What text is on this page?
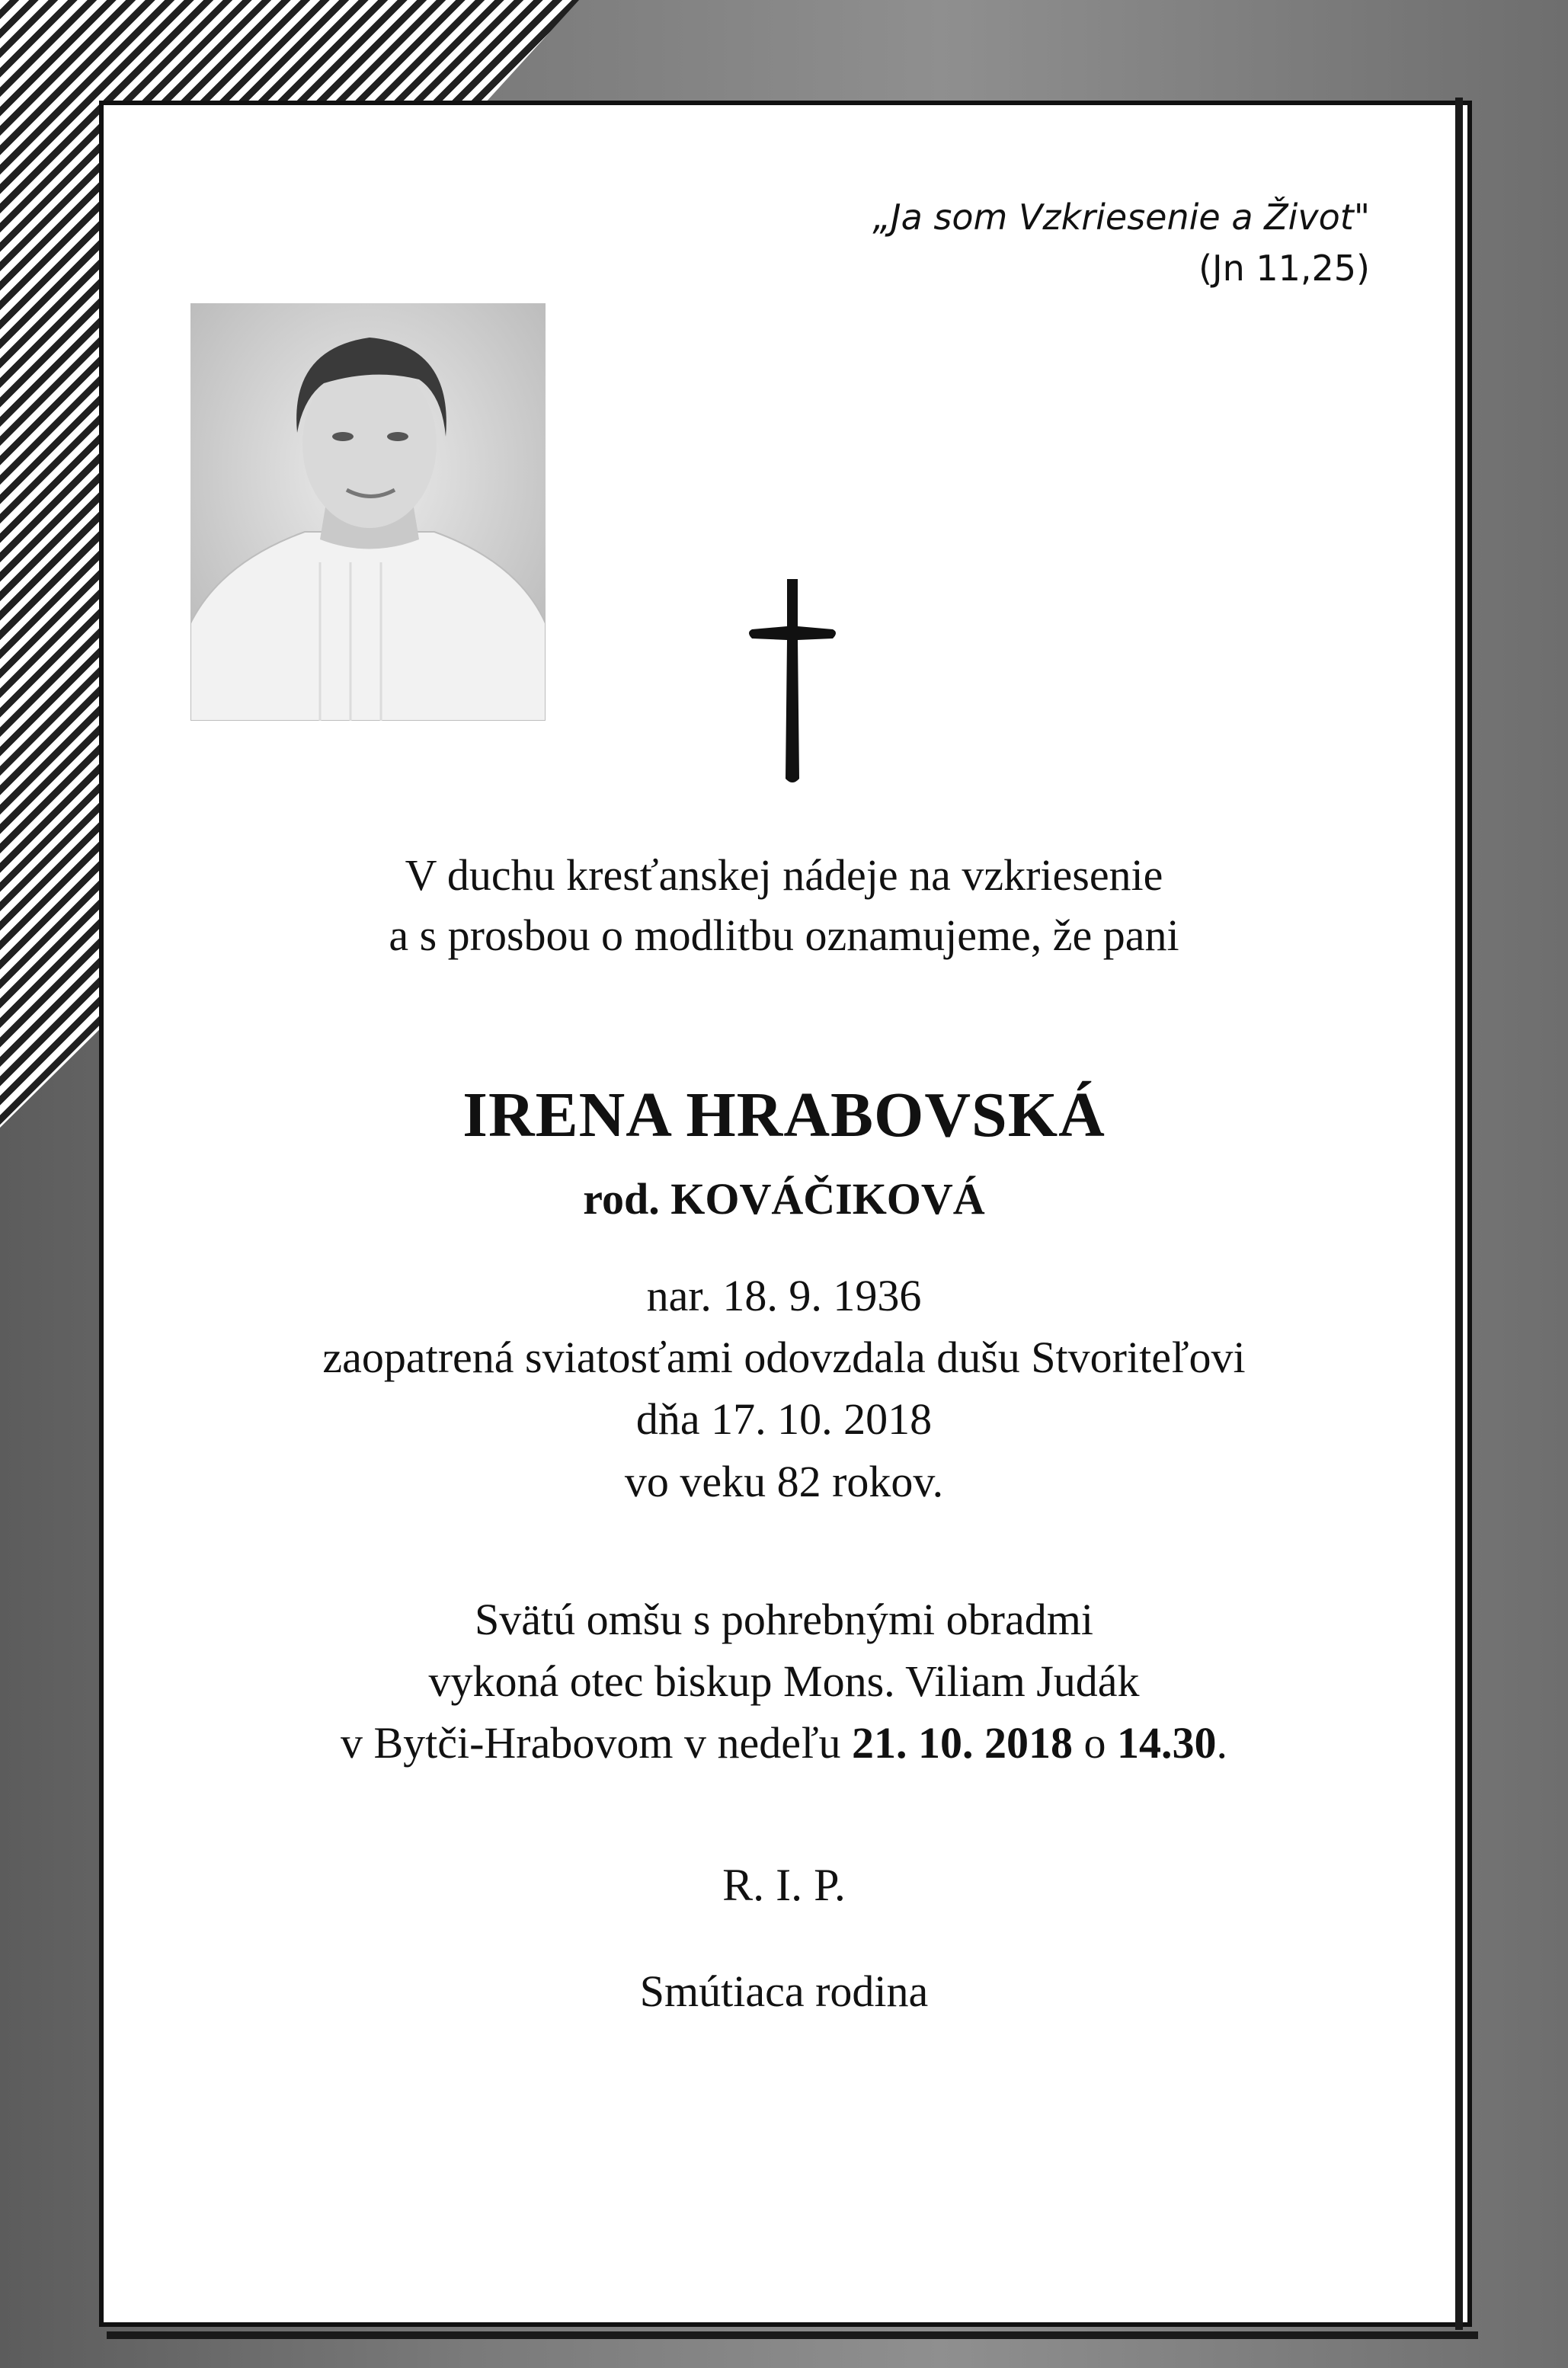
„Ja som Vzkriesenie a Život"
(Jn 11,25)
V duchu kresťanskej nádeje na vzkriesenie
a s prosbou o modlitbu oznamujeme, že pani
IRENA HRABOVSKÁ
rod. KOVÁČIKOVÁ
nar. 18. 9. 1936
zaopatrená sviatosťami odovzdala dušu Stvoriteľovi
dňa 17. 10. 2018
vo veku 82 rokov.
Svätú omšu s pohrebnými obradmi
vykoná otec biskup Mons. Viliam Judák
v Bytči-Hrabovom v nedeľu 21. 10. 2018 o 14.30.
R. I. P.
Smútiaca rodina
